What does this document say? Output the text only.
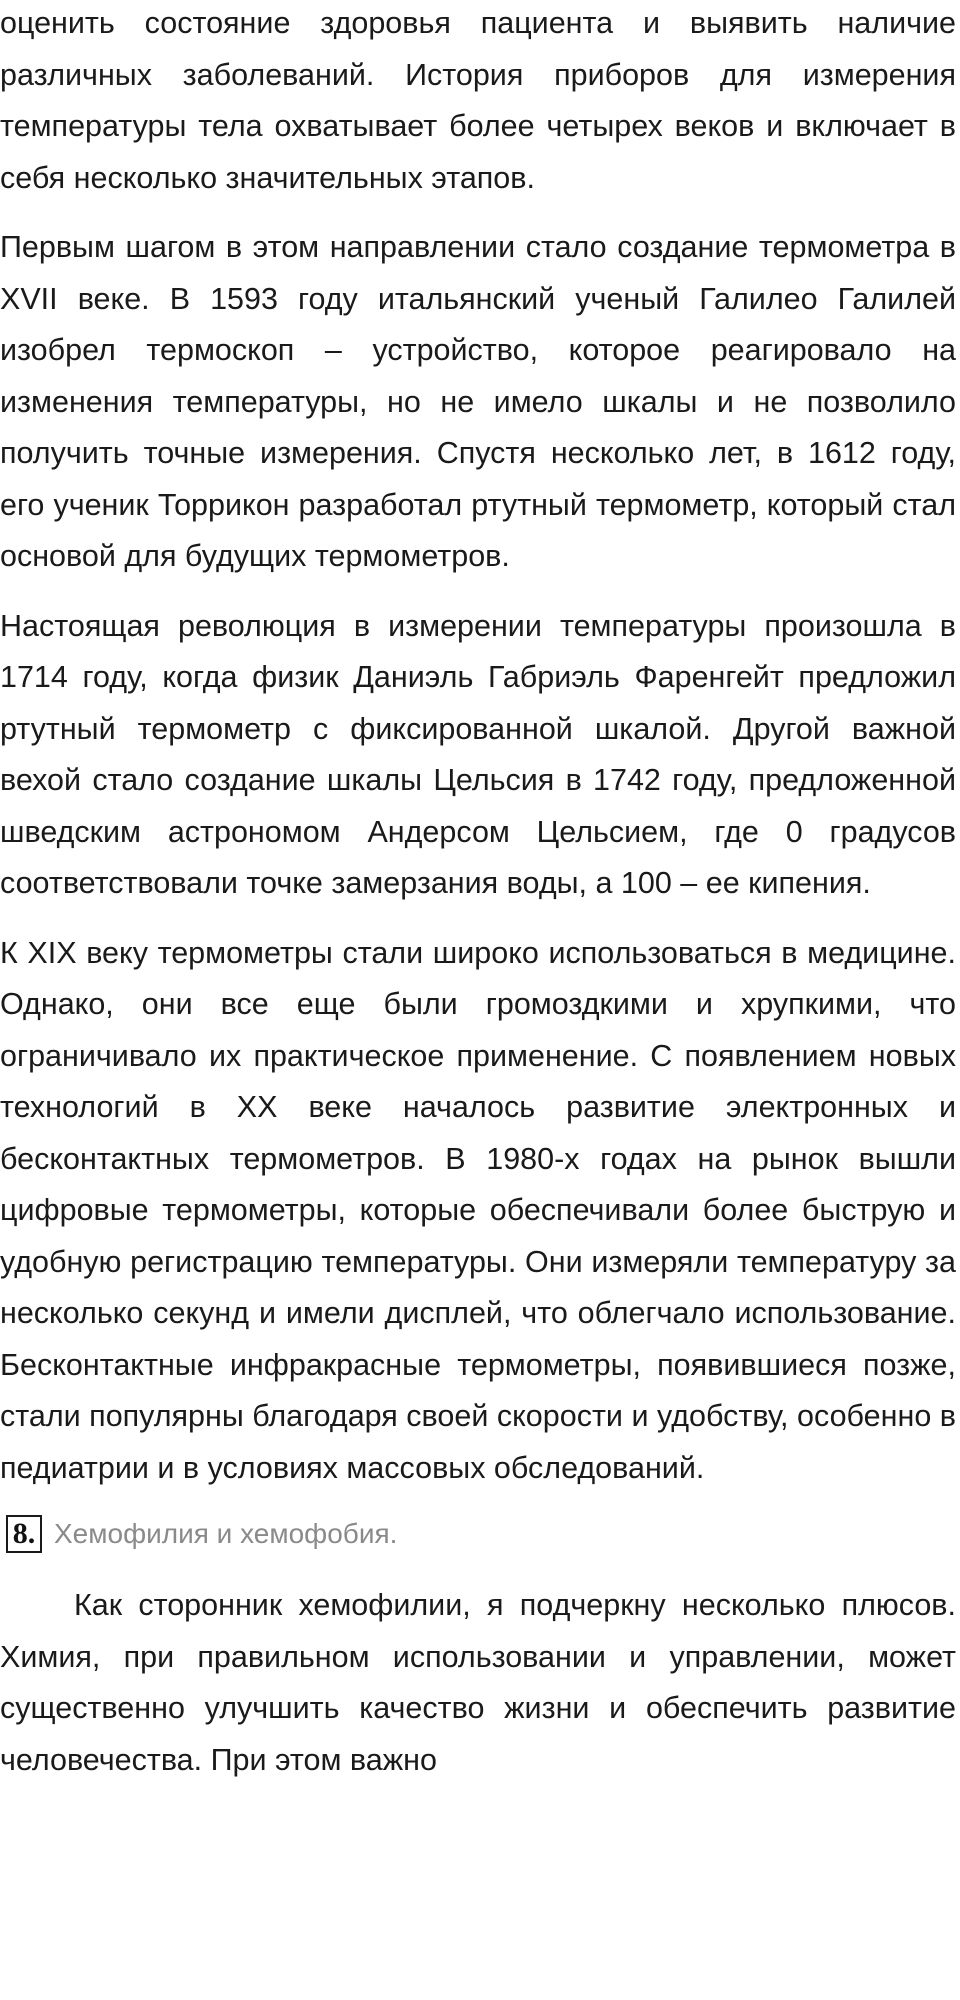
оценить состояние здоровья пациента и выявить наличие различных заболеваний. История приборов для измерения температуры тела охватывает более четырех веков и включает в себя несколько значительных этапов.

Первым шагом в этом направлении стало создание термометра в XVII веке. В 1593 году итальянский ученый Галилео Галилей изобрел термоскоп – устройство, которое реагировало на изменения температуры, но не имело шкалы и не позволило получить точные измерения. Спустя несколько лет, в 1612 году, его ученик Торрикон разработал ртутный термометр, который стал основой для будущих термометров.

Настоящая революция в измерении температуры произошла в 1714 году, когда физик Даниэль Габриэль Фаренгейт предложил ртутный термометр с фиксированной шкалой. Другой важной вехой стало создание шкалы Цельсия в 1742 году, предложенной шведским астрономом Андерсом Цельсием, где 0 градусов соответствовали точке замерзания воды, а 100 – ее кипения.

К XIX веку термометры стали широко использоваться в медицине. Однако, они все еще были громоздкими и хрупкими, что ограничивало их практическое применение. С появлением новых технологий в XX веке началось развитие электронных и бесконтактных термометров. В 1980-х годах на рынок вышли цифровые термометры, которые обеспечивали более быструю и удобную регистрацию температуры. Они измеряли температуру за несколько секунд и имели дисплей, что облегчало использование. Бесконтактные инфракрасные термометры, появившиеся позже, стали популярны благодаря своей скорости и удобству, особенно в педиатрии и в условиях массовых обследований.

8. Хемофилия и хемофобия.

Как сторонник хемофилии, я подчеркну несколько плюсов. Химия, при правильном использовании и управлении, может существенно улучшить качество жизни и обеспечить развитие человечества. При этом важно
